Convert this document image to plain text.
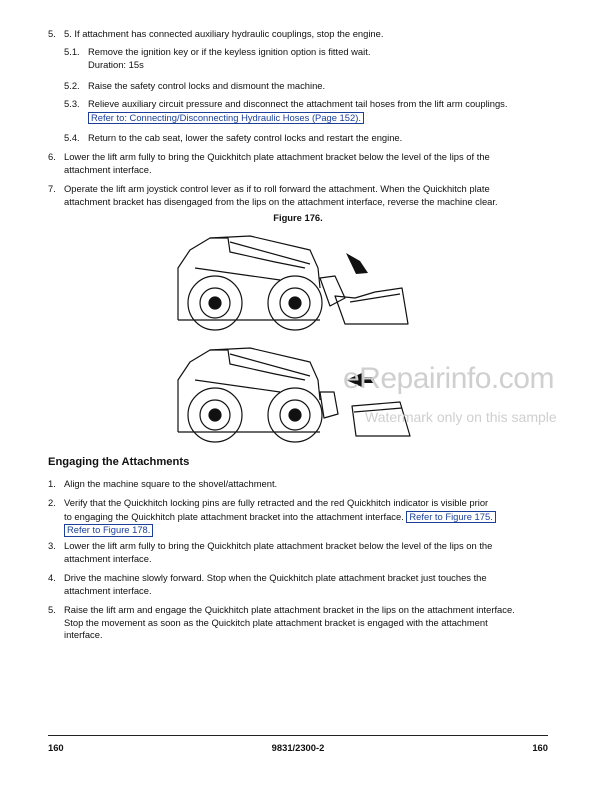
5. 5. If attachment has connected auxiliary hydraulic couplings, stop the engine.
5.1. Remove the ignition key or if the keyless ignition option is fitted wait.
Duration: 15s
5.2. Raise the safety control locks and dismount the machine.
5.3. Relieve auxiliary circuit pressure and disconnect the attachment tail hoses from the lift arm couplings.
Refer to: Connecting/Disconnecting Hydraulic Hoses (Page 152).
5.4. Return to the cab seat, lower the safety control locks and restart the engine.
6. Lower the lift arm fully to bring the Quickhitch plate attachment bracket below the level of the lips of the
attachment interface.
7. Operate the lift arm joystick control lever as if to roll forward the attachment. When the Quickhitch plate
attachment bracket has disengaged from the lips on the attachment interface, reverse the machine clear.
Figure 176.
eRepairinfo.com
Watermark only on this sample
Engaging the Attachments
1. Align the machine square to the shovel/attachment.
2. Verify that the Quickhitch locking pins are fully retracted and the red Quickhitch indicator is visible prior
to engaging the Quickhitch plate attachment bracket into the attachment interface. Refer to Figure 175.
Refer to Figure 178.
3. Lower the lift arm fully to bring the Quickhitch plate attachment bracket below the level of the lips on the
attachment interface.
4. Drive the machine slowly forward. Stop when the Quickhitch plate attachment bracket just touches the
attachment interface.
5. Raise the lift arm and engage the Quickhitch plate attachment bracket in the lips on the attachment interface.
Stop the movement as soon as the Quickitch plate attachment bracket is engaged with the attachment
interface.
160	9831/2300-2	160
